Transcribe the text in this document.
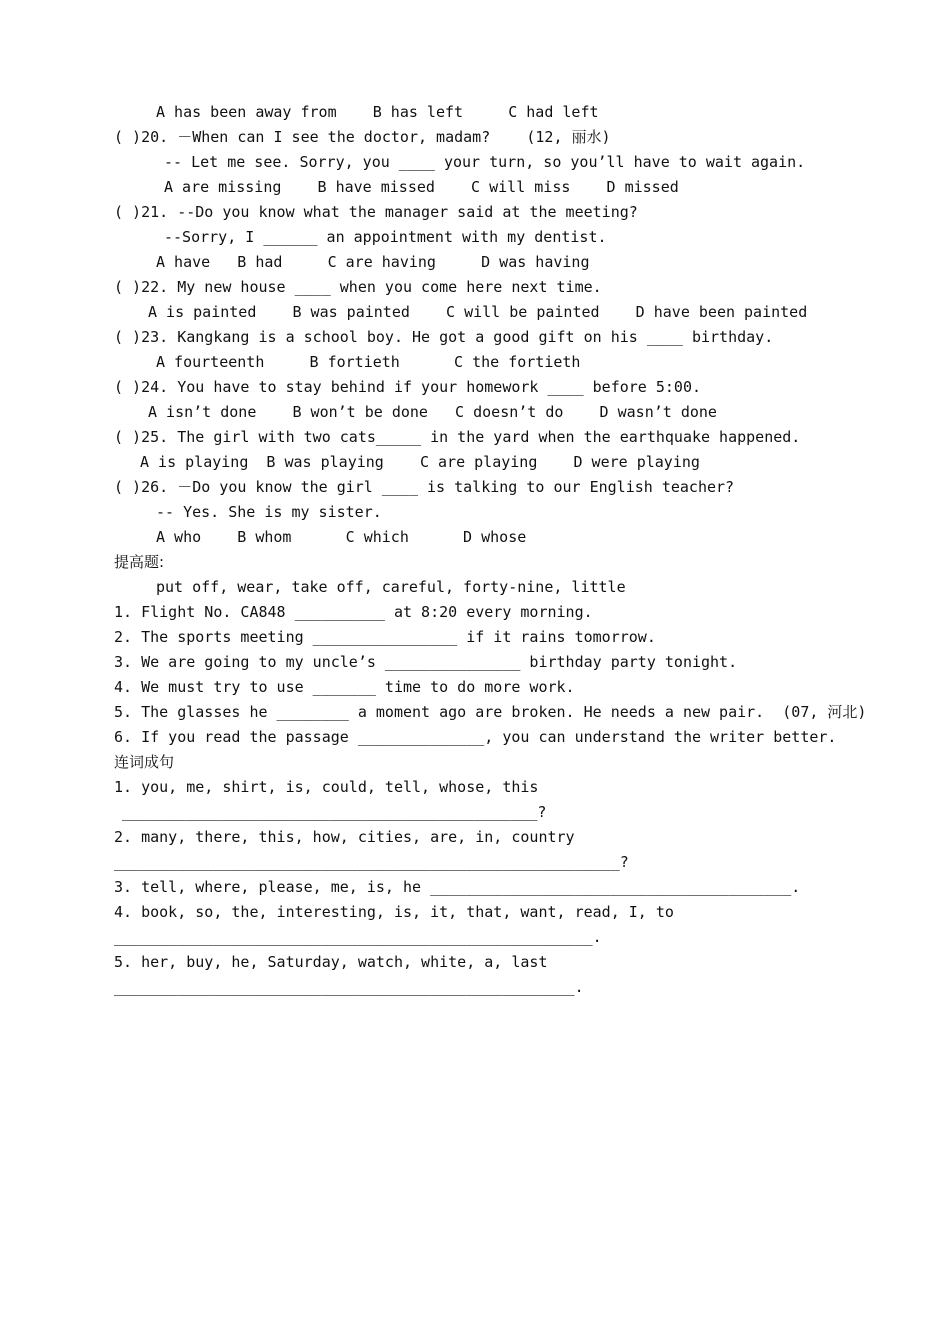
A has been away from    B has left     C had left
( )20. －When can I see the doctor, madam?    (12, 丽水)
-- Let me see. Sorry, you ____ your turn, so you’ll have to wait again.
A are missing    B have missed    C will miss    D missed
( )21. --Do you know what the manager said at the meeting?
--Sorry, I ______ an appointment with my dentist.
A have   B had     C are having     D was having
( )22. My new house ____ when you come here next time.
A is painted    B was painted    C will be painted    D have been painted
( )23. Kangkang is a school boy. He got a good gift on his ____ birthday.
A fourteenth     B fortieth      C the fortieth
( )24. You have to stay behind if your homework ____ before 5:00.
A isn’t done    B won’t be done   C doesn’t do    D wasn’t done
( )25. The girl with two cats_____ in the yard when the earthquake happened.
A is playing  B was playing    C are playing    D were playing
( )26. －Do you know the girl ____ is talking to our English teacher?
-- Yes. She is my sister.
A who    B whom      C which      D whose
提高题:
put off, wear, take off, careful, forty-nine, little
1. Flight No. CA848 __________ at 8:20 every morning.
2. The sports meeting ________________ if it rains tomorrow.
3. We are going to my uncle’s _______________ birthday party tonight.
4. We must try to use _______ time to do more work.
5. The glasses he ________ a moment ago are broken. He needs a new pair.  (07, 河北)
6. If you read the passage ______________, you can understand the writer better.
连词成句
1. you, me, shirt, is, could, tell, whose, this
______________________________________________?
2. many, there, this, how, cities, are, in, country
________________________________________________________?
3. tell, where, please, me, is, he ________________________________________.
4. book, so, the, interesting, is, it, that, want, read, I, to
_____________________________________________________.
5. her, buy, he, Saturday, watch, white, a, last
___________________________________________________.
